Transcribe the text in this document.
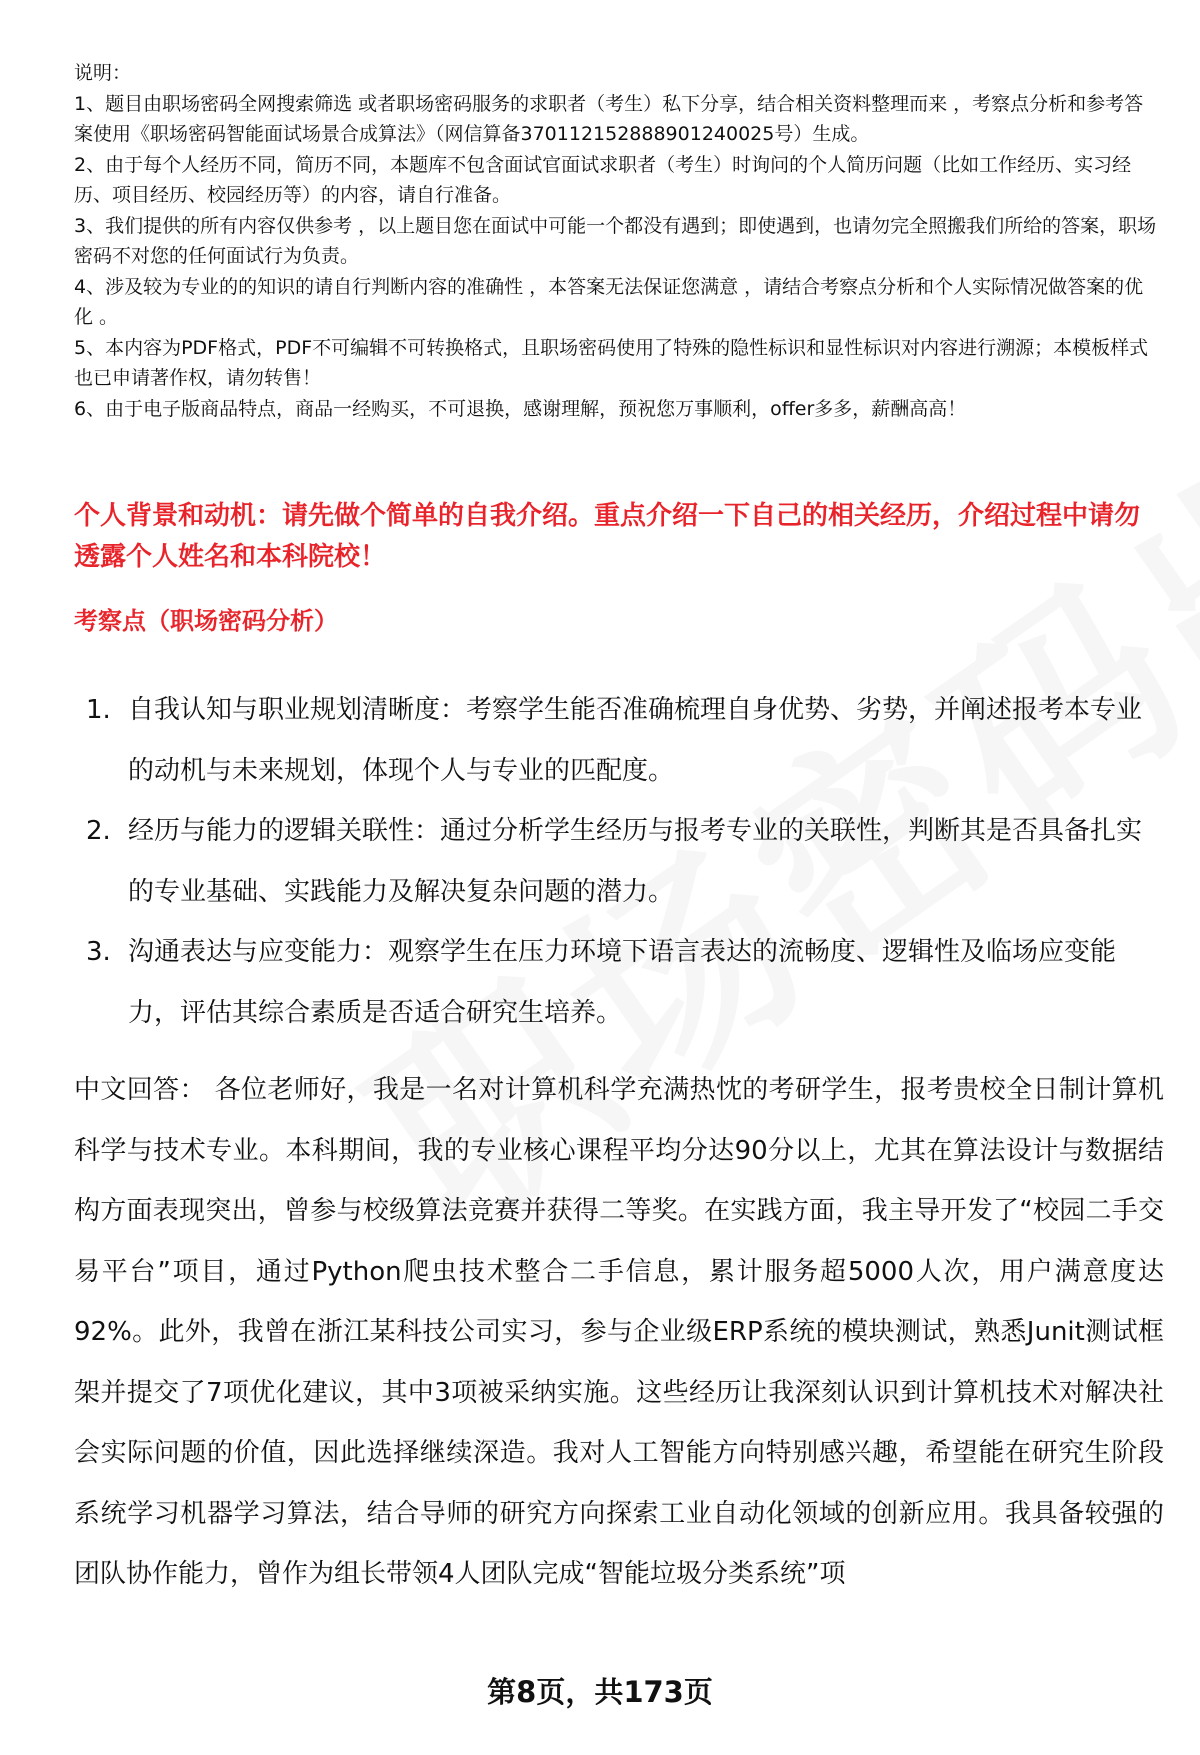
说明：

1、题目由职场密码全网搜索筛选 或者职场密码服务的求职者（考生）私下分享，结合相关资料整理而来 ，考察点分析和参考答案使用《职场密码智能面试场景合成算法》（网信算备370112152888901240025号）生成。

2、由于每个人经历不同，简历不同，本题库不包含面试官面试求职者（考生）时询问的个人简历问题（比如工作经历、实习经历、项目经历、校园经历等）的内容，请自行准备。

3、我们提供的所有内容仅供参考 ，以上题目您在面试中可能一个都没有遇到；即使遇到，也请勿完全照搬我们所给的答案，职场密码不对您的任何面试行为负责。

4、涉及较为专业的的知识的请自行判断内容的准确性 ，本答案无法保证您满意 ，请结合考察点分析和个人实际情况做答案的优化 。

5、本内容为PDF格式，PDF不可编辑不可转换格式，且职场密码使用了特殊的隐性标识和显性标识对内容进行溯源；本模板样式也已申请著作权，请勿转售！

6、由于电子版商品特点，商品一经购买，不可退换，感谢理解，预祝您万事顺利，offer多多，薪酬高高！

个人背景和动机：请先做个简单的自我介绍。重点介绍一下自己的相关经历，介绍过程中请勿透露个人姓名和本科院校！
考察点（职场密码分析）
1. 自我认知与职业规划清晰度：考察学生能否准确梳理自身优势、劣势，并阐述报考本专业的动机与未来规划，体现个人与专业的匹配度。
2. 经历与能力的逻辑关联性：通过分析学生经历与报考专业的关联性，判断其是否具备扎实的专业基础、实践能力及解决复杂问题的潜力。
3. 沟通表达与应变能力：观察学生在压力环境下语言表达的流畅度、逻辑性及临场应变能力，评估其综合素质是否适合研究生培养。

中文回答： 各位老师好，我是一名对计算机科学充满热忱的考研学生，报考贵校全日制计算机科学与技术专业。本科期间，我的专业核心课程平均分达90分以上，尤其在算法设计与数据结构方面表现突出，曾参与校级算法竞赛并获得二等奖。在实践方面，我主导开发了“校园二手交易平台”项目，通过Python爬虫技术整合二手信息，累计服务超5000人次，用户满意度达92%。此外，我曾在浙江某科技公司实习，参与企业级ERP系统的模块测试，熟悉Junit测试框架并提交了7项优化建议，其中3项被采纳实施。这些经历让我深刻认识到计算机技术对解决社会实际问题的价值，因此选择继续深造。我对人工智能方向特别感兴趣，希望能在研究生阶段系统学习机器学习算法，结合导师的研究方向探索工业自动化领域的创新应用。我具备较强的团队协作能力，曾作为组长带领4人团队完成“智能垃圾分类系统”项

第8页，共173页
